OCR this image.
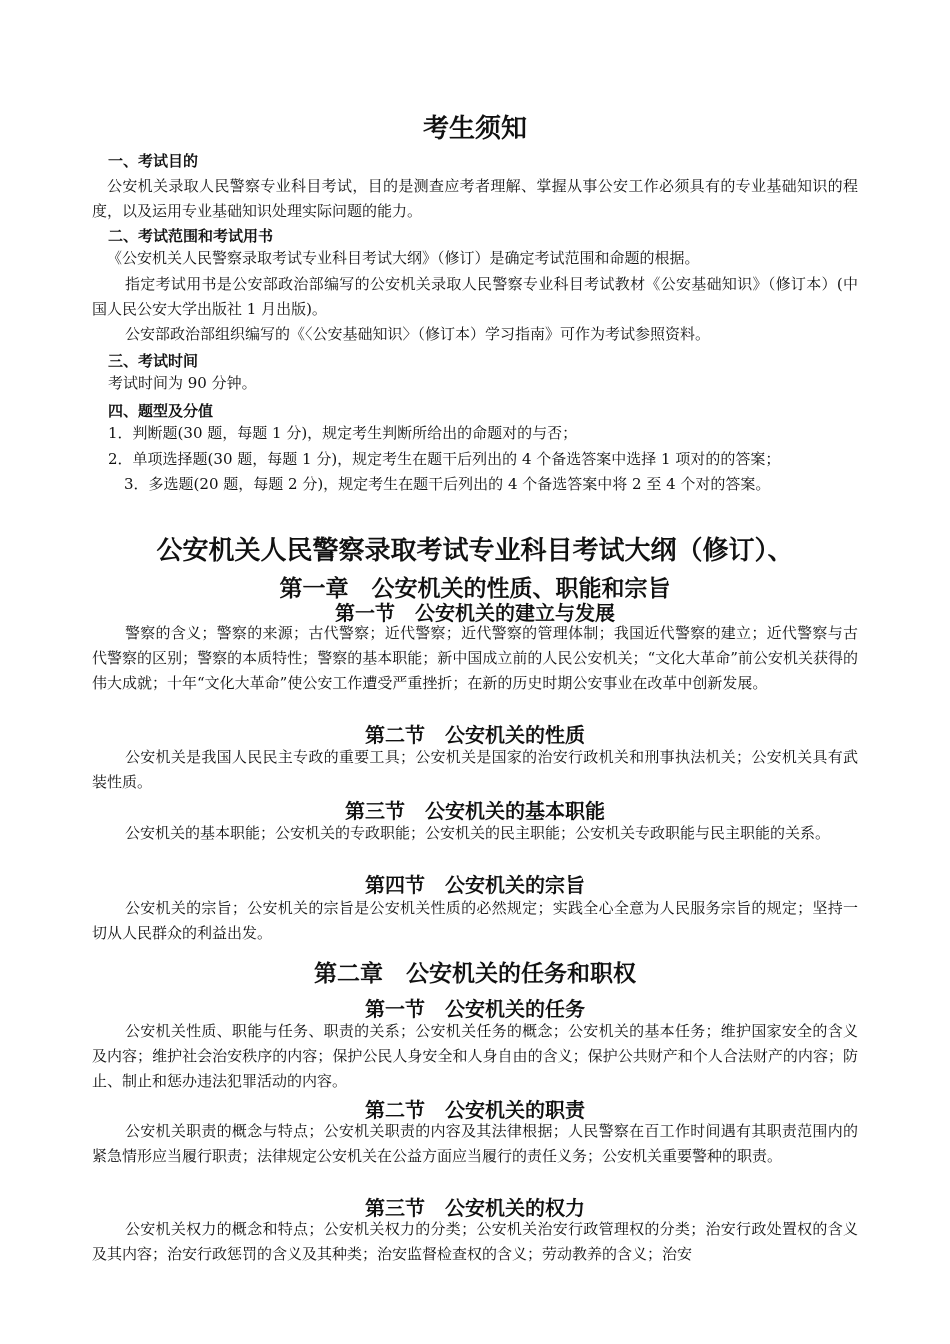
考生须知
一、考试目的

公安机关录取人民警察专业科目考试，目的是测查应考者理解、掌握从事公安工作必须具有的专业基础知识的程度，以及运用专业基础知识处理实际问题的能力。

二、考试范围和考试用书

《公安机关人民警察录取考试专业科目考试大纲》（修订）是确定考试范围和命题的根据。

指定考试用书是公安部政治部编写的公安机关录取人民警察专业科目考试教材《公安基础知识》（修订本）(中国人民公安大学出版社 1 月出版)。

公安部政治部组织编写的《〈公安基础知识〉（修订本）学习指南》可作为考试参照资料。

三、考试时间
考试时间为 90 分钟。
四、题型及分值
1．判断题(30 题，每题 1 分)，规定考生判断所给出的命题对的与否；
2．单项选择题(30 题，每题 1 分)，规定考生在题干后列出的 4 个备选答案中选择 1 项对的的答案；
3．多选题(20 题，每题 2 分)，规定考生在题干后列出的 4 个备选答案中将 2 至 4 个对的答案。
公安机关人民警察录取考试专业科目考试大纲（修订）、
第一章　公安机关的性质、职能和宗旨
第一节　公安机关的建立与发展

警察的含义；警察的来源；古代警察；近代警察；近代警察的管理体制；我国近代警察的建立；近代警察与古代警察的区别；警察的本质特性；警察的基本职能；新中国成立前的人民公安机关；“文化大革命”前公安机关获得的伟大成就；十年“文化大革命”使公安工作遭受严重挫折；在新的历史时期公安事业在改革中创新发展。

第二节　公安机关的性质

公安机关是我国人民民主专政的重要工具；公安机关是国家的治安行政机关和刑事执法机关；公安机关具有武装性质。

第三节　公安机关的基本职能

公安机关的基本职能；公安机关的专政职能；公安机关的民主职能；公安机关专政职能与民主职能的关系。

第四节　公安机关的宗旨

公安机关的宗旨；公安机关的宗旨是公安机关性质的必然规定；实践全心全意为人民服务宗旨的规定；坚持一切从人民群众的利益出发。

第二章　公安机关的任务和职权
第一节　公安机关的任务

公安机关性质、职能与任务、职责的关系；公安机关任务的概念；公安机关的基本任务；维护国家安全的含义及内容；维护社会治安秩序的内容；保护公民人身安全和人身自由的含义；保护公共财产和个人合法财产的内容；防止、制止和惩办违法犯罪活动的内容。

第二节　公安机关的职责

公安机关职责的概念与特点；公安机关职责的内容及其法律根据；人民警察在百工作时间遇有其职责范围内的紧急情形应当履行职责；法律规定公安机关在公益方面应当履行的责任义务；公安机关重要警种的职责。

第三节　公安机关的权力

公安机关权力的概念和特点；公安机关权力的分类；公安机关治安行政管理权的分类；治安行政处置权的含义及其内容；治安行政惩罚的含义及其种类；治安监督检查权的含义；劳动教养的含义；治安
